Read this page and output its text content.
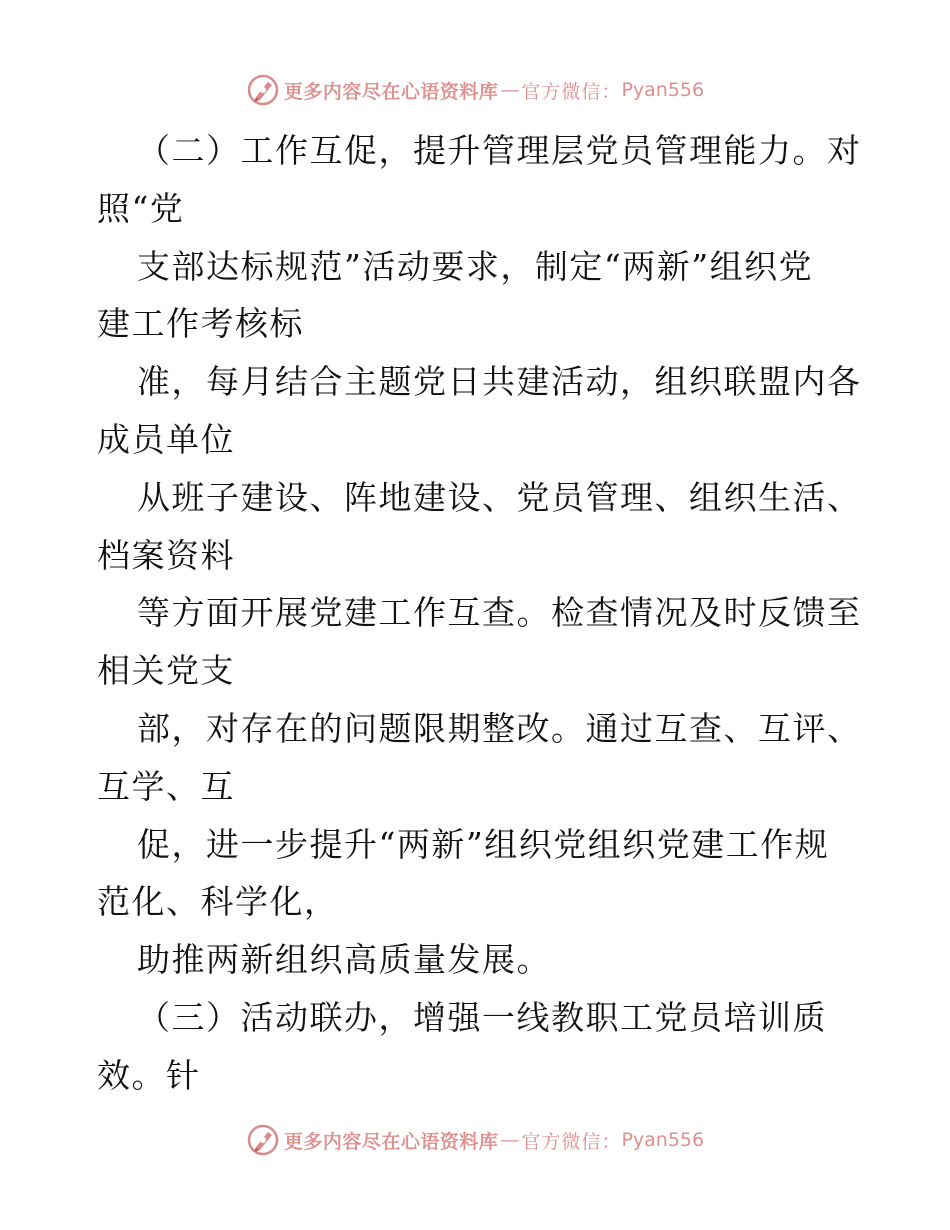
更多内容尽在心语资料库 — 官方微信： Pyan556
（二）工作互促，提升管理层党员管理能力。对
照“党
支部达标规范”活动要求，制定“两新”组织党
建工作考核标
准，每月结合主题党日共建活动，组织联盟内各
成员单位
从班子建设、阵地建设、党员管理、组织生活、
档案资料
等方面开展党建工作互查。检查情况及时反馈至
相关党支
部，对存在的问题限期整改。通过互查、互评、
互学、互
促，进一步提升“两新”组织党组织党建工作规
范化、科学化，
助推两新组织高质量发展。
（三）活动联办，增强一线教职工党员培训质
效。针
更多内容尽在心语资料库 — 官方微信： Pyan556
